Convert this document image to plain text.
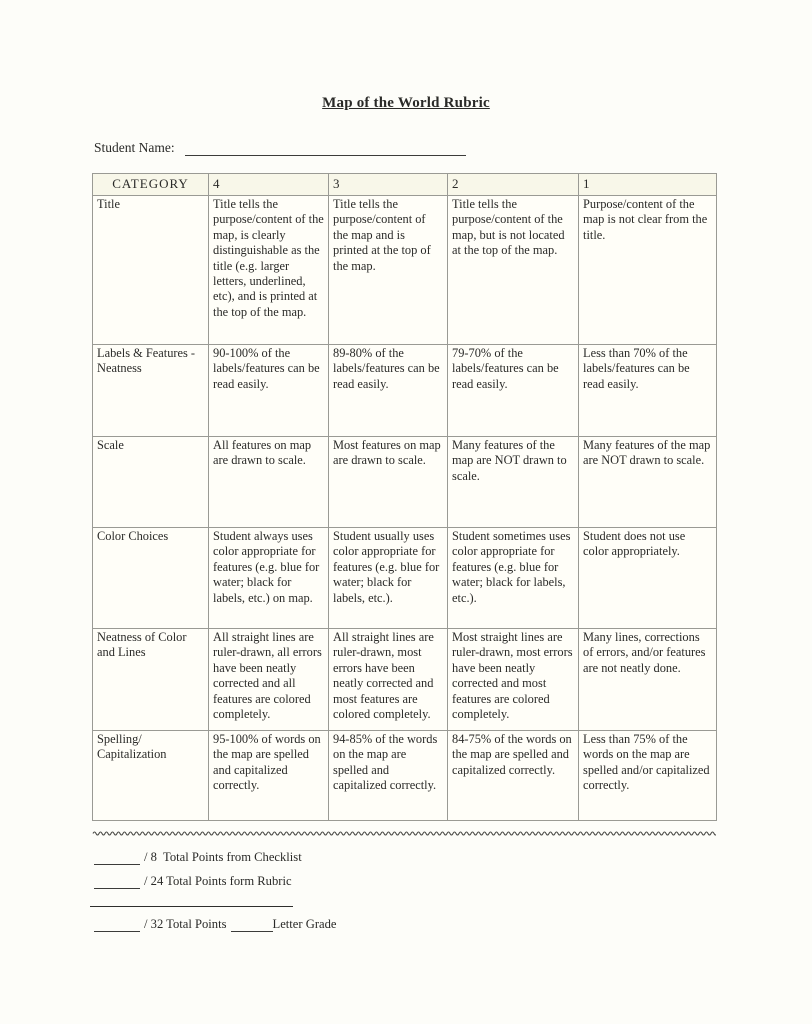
Map of the World Rubric
Student Name:
CATEGORY	4	3	2	1
Title	Title tells the purpose/content of the map, is clearly distinguishable as the title (e.g. larger letters, underlined, etc), and is printed at the top of the map.	Title tells the purpose/content of the map and is printed at the top of the map.	Title tells the purpose/content of the map, but is not located at the top of the map.	Purpose/content of the map is not clear from the title.
Labels & Features - Neatness	90-100% of the labels/features can be read easily.	89-80% of the labels/features can be read easily.	79-70% of the labels/features can be read easily.	Less than 70% of the labels/features can be read easily.
Scale	All features on map are drawn to scale.	Most features on map are drawn to scale.	Many features of the map are NOT drawn to scale.	Many features of the map are NOT drawn to scale.
Color Choices	Student always uses color appropriate for features (e.g. blue for water; black for labels, etc.) on map.	Student usually uses color appropriate for features (e.g. blue for water; black for labels, etc.).	Student sometimes uses color appropriate for features (e.g. blue for water; black for labels, etc.).	Student does not use color appropriately.
Neatness of Color and Lines	All straight lines are ruler-drawn, all errors have been neatly corrected and all features are colored completely.	All straight lines are ruler-drawn, most errors have been neatly corrected and most features are colored completely.	Most straight lines are ruler-drawn, most errors have been neatly corrected and most features are colored completely.	Many lines, corrections of errors, and/or features are not neatly done.
Spelling/ Capitalization	95-100% of words on the map are spelled and capitalized correctly.	94-85% of the words on the map are spelled and capitalized correctly.	84-75% of the words on the map are spelled and capitalized correctly.	Less than 75% of the words on the map are spelled and/or capitalized correctly.
/ 8  Total Points from Checklist
/ 24 Total Points form Rubric
/ 32 Total Points	Letter Grade
